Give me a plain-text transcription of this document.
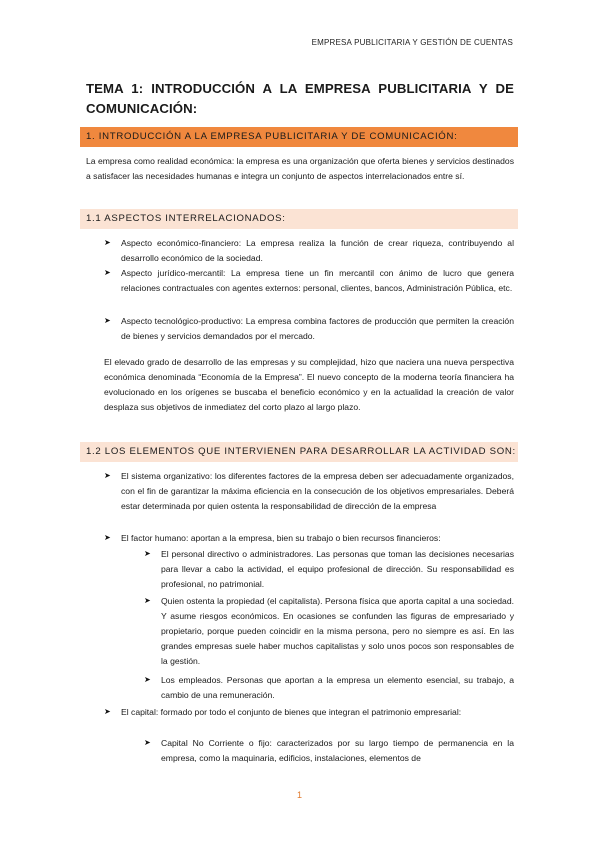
EMPRESA PUBLICITARIA Y GESTIÓN DE CUENTAS
TEMA 1: INTRODUCCIÓN A LA EMPRESA PUBLICITARIA Y DE COMUNICACIÓN:
1. INTRODUCCIÓN A LA EMPRESA PUBLICITARIA Y DE COMUNICACIÓN:
La empresa como realidad económica: la empresa es una organización que oferta bienes y servicios destinados a satisfacer las necesidades humanas e integra un conjunto de aspectos interrelacionados entre sí.
1.1 ASPECTOS INTERRELACIONADOS:
➤ Aspecto económico-financiero: La empresa realiza la función de crear riqueza, contribuyendo al desarrollo económico de la sociedad.
➤ Aspecto jurídico-mercantil: La empresa tiene un fin mercantil con ánimo de lucro que genera relaciones contractuales con agentes externos: personal, clientes, bancos, Administración Pública, etc.
➤ Aspecto tecnológico-productivo: La empresa combina factores de producción que permiten la creación de bienes y servicios demandados por el mercado.
El elevado grado de desarrollo de las empresas y su complejidad, hizo que naciera una nueva perspectiva económica denominada “Economía de la Empresa”. El nuevo concepto de la moderna teoría financiera ha evolucionado en los orígenes se buscaba el beneficio económico y en la actualidad la creación de valor desplaza sus objetivos de inmediatez del corto plazo al largo plazo.
1.2 LOS ELEMENTOS QUE INTERVIENEN PARA DESARROLLAR LA ACTIVIDAD SON:
➤ El sistema organizativo: los diferentes factores de la empresa deben ser adecuadamente organizados, con el fin de garantizar la máxima eficiencia en la consecución de los objetivos empresariales. Deberá estar determinada por quien ostenta la responsabilidad de dirección de la empresa
➤ El factor humano: aportan a la empresa, bien su trabajo o bien recursos financieros:
➤ El personal directivo o administradores. Las personas que toman las decisiones necesarias para llevar a cabo la actividad, el equipo profesional de dirección. Su responsabilidad es profesional, no patrimonial.
➤ Quien ostenta la propiedad (el capitalista). Persona física que aporta capital a una sociedad. Y asume riesgos económicos. En ocasiones se confunden las figuras de empresariado y propietario, porque pueden coincidir en la misma persona, pero no siempre es así. En las grandes empresas suele haber muchos capitalistas y solo unos pocos son responsables de la gestión.
➤ Los empleados. Personas que aportan a la empresa un elemento esencial, su trabajo, a cambio de una remuneración.
➤ El capital: formado por todo el conjunto de bienes que integran el patrimonio empresarial:
➤ Capital No Corriente o fijo: caracterizados por su largo tiempo de permanencia en la empresa, como la maquinaria, edificios, instalaciones, elementos de
1
